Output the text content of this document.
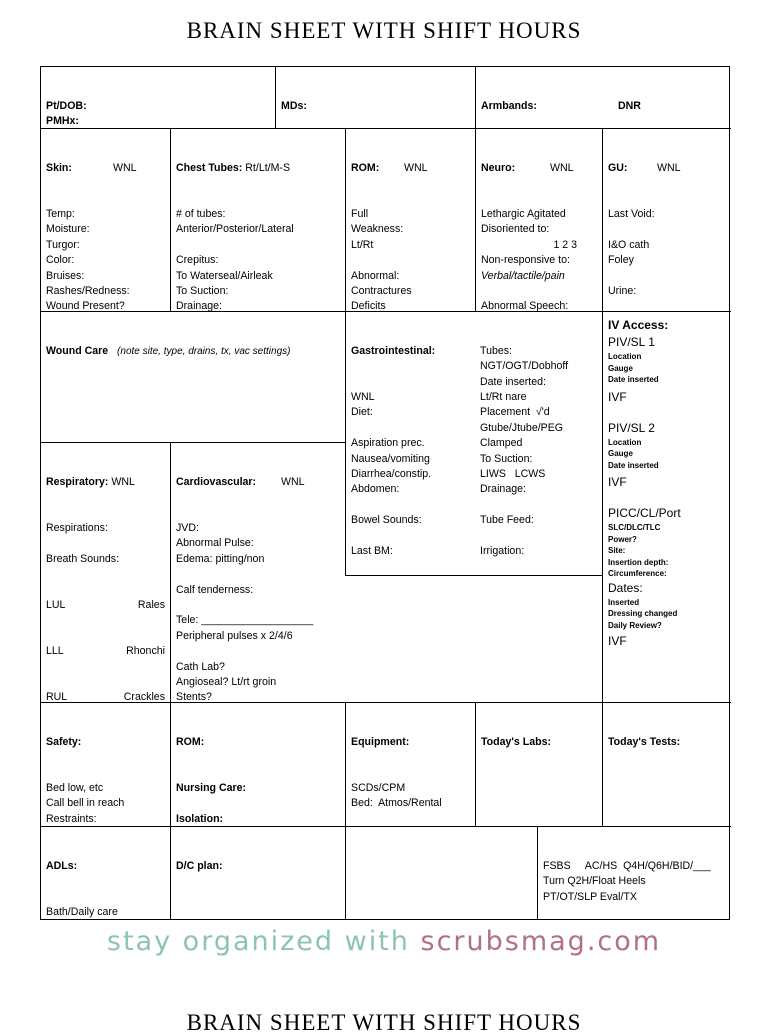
BRAIN SHEET WITH SHIFT HOURS

Pt/DOB:
PMHx:

MDs:

	Armbands:	DNR

Skin:	WNL

Temp:
Moisture:
Turgor:
Color:
Bruises:
Rashes/Redness:
Wound Present?

Chest Tubes: Rt/Lt/M-S

# of tubes:
Anterior/Posterior/Lateral
Crepitus:
To Waterseal/Airleak
To Suction:
Drainage:

ROM: WNL

Full
Weakness:
Lt/Rt
Abnormal:
Contractures
Deficits

Neuro:	WNL

Lethargic Agitated
Disoriented to:
1 2 3
Non-responsive to:
Verbal/tactile/pain
Abnormal Speech:

GU:	WNL

Last Void:
I&O cath
Foley
Urine:

Wound Care (note site, type, drains, tx, vac settings)

	Gastrointestinal:

WNL
Diet:
Aspiration prec.
Nausea/vomiting
Diarrhea/constip.
Abdomen:
Bowel Sounds:
Last BM:

Tubes:
NGT/OGT/Dobhoff
Date inserted:
Lt/Rt nare
Placement  √'d
Gtube/Jtube/PEG
Clamped
To Suction:
LIWS   LCWS
Drainage:
Tube Feed:
Irrigation:

IV Access:
PIV/SL 1
Location
Gauge
Date inserted
IVF
PIV/SL 2
Location
Gauge
Date inserted
IVF
PICC/CL/Port
SLC/DLC/TLC
Power?
Site:
Insertion depth:
Circumference:
Dates:
Inserted
Dressing changed
Daily Review?
IVF

Respiratory: WNL

Respirations:
Breath Sounds:

LUL	Rales

LLL	Rhonchi

RUL	Crackles

Cardiovascular: WNL

JVD:
Abnormal Pulse:
Edema: pitting/non
Calf tenderness:
Tele: ___________________
Peripheral pulses x 2/4/6
Cath Lab?
Angioseal? Lt/rt groin
Stents?

Safety:

Bed low, etc
Call bell in reach
Restraints:

ROM:

Nursing Care:
Isolation:

Equipment:

SCDs/CPM
Bed:  Atmos/Rental

Today's Labs:

	Today's Tests:

ADLs:

Bath/Daily care

D/C plan:

	FSBS     AC/HS  Q4H/Q6H/BID/___
Turn Q2H/Float Heels
PT/OT/SLP Eval/TX

stay organized with scrubsmag.com
BRAIN SHEET WITH SHIFT HOURS
